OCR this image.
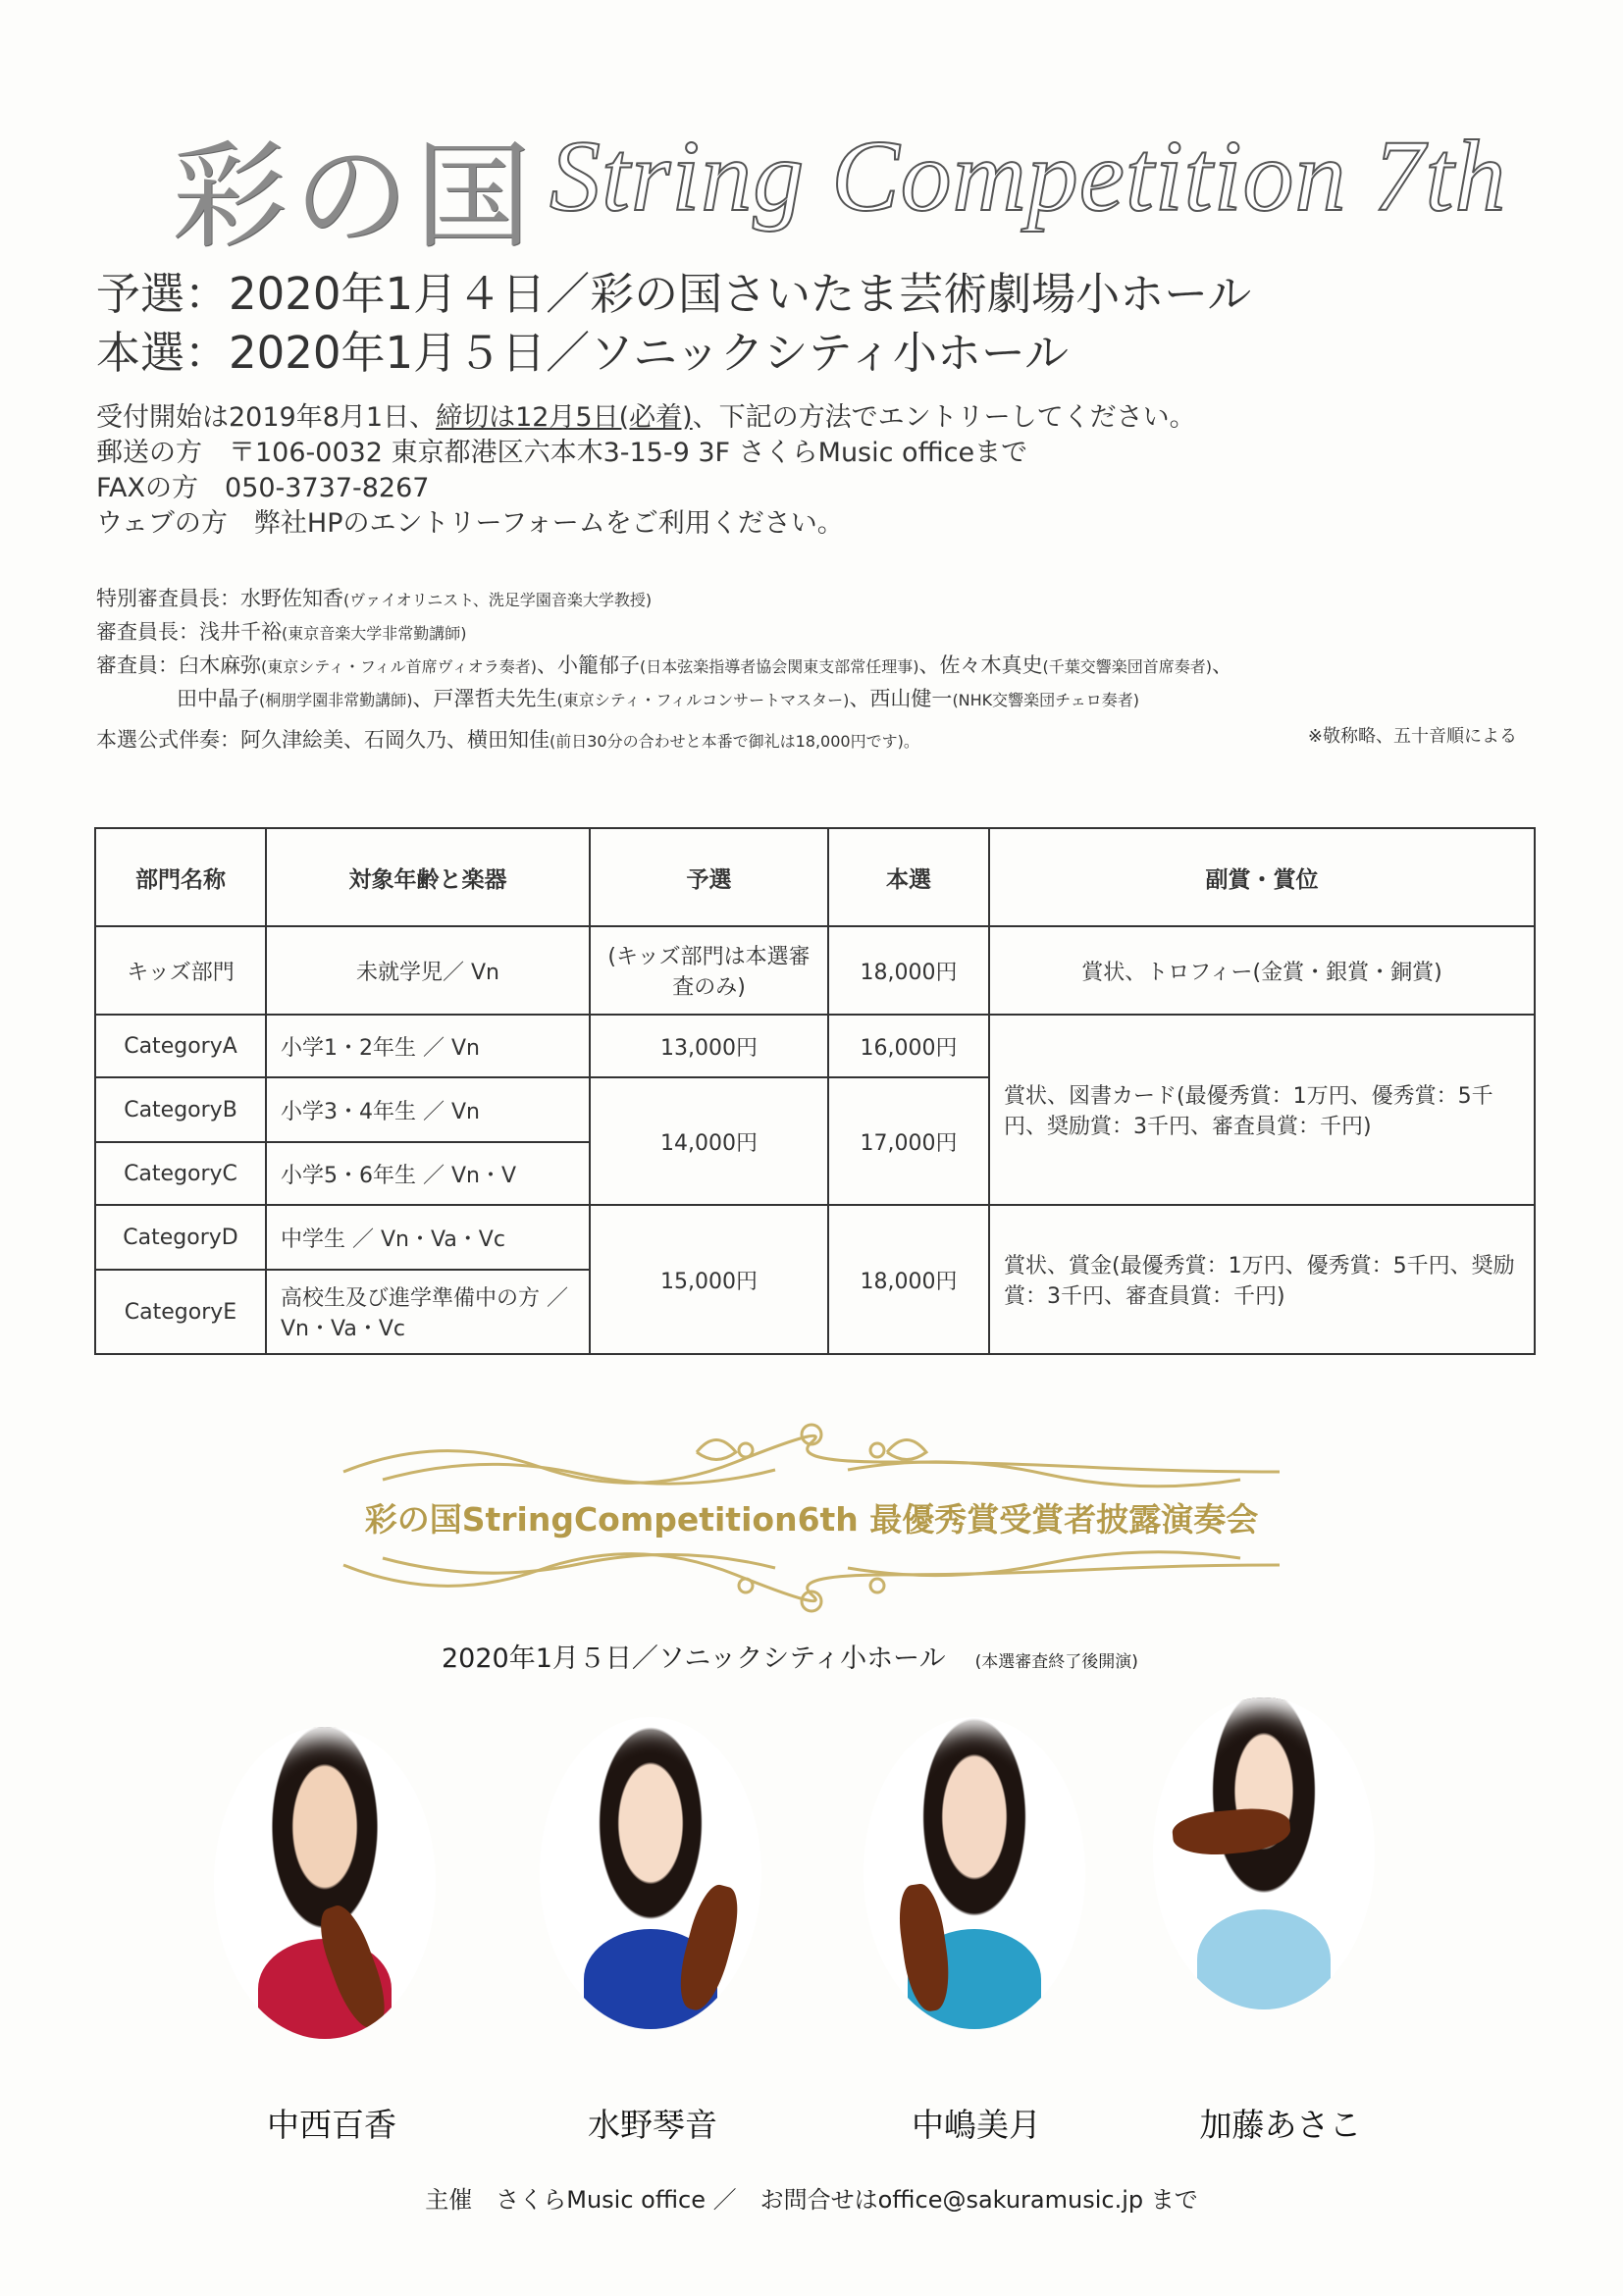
彩の国 String Competition 7th
予選：2020年1月４日／彩の国さいたま芸術劇場小ホール
本選：2020年1月５日／ソニックシティ小ホール
受付開始は2019年8月1日、締切は12月5日(必着)、下記の方法でエントリーしてください。
郵送の方　〒106-0032 東京都港区六本木3-15-9 3F さくらMusic officeまで
FAXの方　050-3737-8267
ウェブの方　弊社HPのエントリーフォームをご利用ください。
特別審査員長：水野佐知香(ヴァイオリニスト、洗足学園音楽大学教授)
審査員長：浅井千裕(東京音楽大学非常勤講師)
審査員：臼木麻弥(東京シティ・フィル首席ヴィオラ奏者)、小籠郁子(日本弦楽指導者協会関東支部常任理事)、佐々木真史(千葉交響楽団首席奏者)、
田中晶子(桐朋学園非常勤講師)、戸澤哲夫先生(東京シティ・フィルコンサートマスター)、西山健一(NHK交響楽団チェロ奏者)
本選公式伴奏：阿久津絵美、石岡久乃、横田知佳(前日30分の合わせと本番で御礼は18,000円です)。	※敬称略、五十音順による
部門名称	対象年齢と楽器	予選	本選	副賞・賞位
キッズ部門	未就学児／ Vn	(キッズ部門は本選審査のみ)	18,000円	賞状、トロフィー(金賞・銀賞・銅賞)
CategoryA	小学1・2年生 ／ Vn	13,000円	16,000円	賞状、図書カード(最優秀賞：1万円、優秀賞：5千円、奨励賞：3千円、審査員賞：千円)
CategoryB	小学3・4年生 ／ Vn	14,000円	17,000円	
CategoryC	小学5・6年生 ／ Vn・V			
CategoryD	中学生 ／ Vn・Va・Vc	15,000円	18,000円	賞状、賞金(最優秀賞：1万円、優秀賞：5千円、奨励賞：3千円、審査員賞：千円)
CategoryE	高校生及び進学準備中の方 ／ Vn・Va・Vc			
彩の国StringCompetition6th 最優秀賞受賞者披露演奏会
2020年1月５日／ソニックシティ小ホール (本選審査終了後開演)
中西百香	水野琴音	中嶋美月	加藤あさこ
主催　さくらMusic office ／　お問合せはoffice@sakuramusic.jp まで
